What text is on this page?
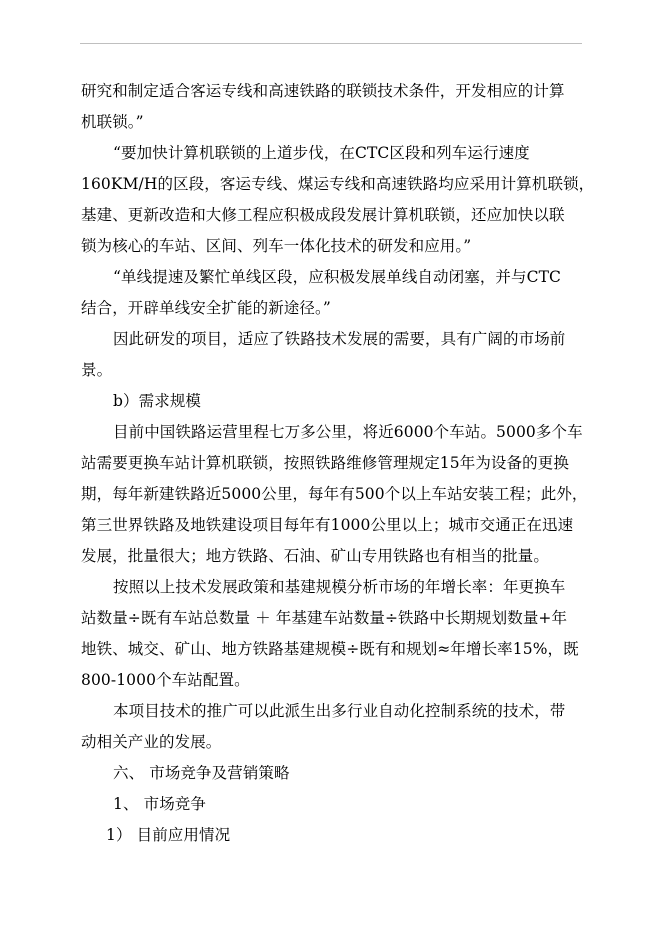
研究和制定适合客运专线和高速铁路的联锁技术条件，开发相应的计算
机联锁。”
“要加快计算机联锁的上道步伐，在CTC区段和列车运行速度
160KM/H的区段，客运专线、煤运专线和高速铁路均应采用计算机联锁，
基建、更新改造和大修工程应积极成段发展计算机联锁，还应加快以联
锁为核心的车站、区间、列车一体化技术的研发和应用。”
“单线提速及繁忙单线区段，应积极发展单线自动闭塞，并与CTC
结合，开辟单线安全扩能的新途径。”
因此研发的项目，适应了铁路技术发展的需要，具有广阔的市场前
景。
b）需求规模
目前中国铁路运营里程七万多公里，将近6000个车站。5000多个车
站需要更换车站计算机联锁，按照铁路维修管理规定15年为设备的更换
期，每年新建铁路近5000公里，每年有500个以上车站安装工程；此外，
第三世界铁路及地铁建设项目每年有1000公里以上；城市交通正在迅速
发展，批量很大；地方铁路、石油、矿山专用铁路也有相当的批量。
按照以上技术发展政策和基建规模分析市场的年增长率：年更换车
站数量÷既有车站总数量 ＋ 年基建车站数量÷铁路中长期规划数量+年
地铁、城交、矿山、地方铁路基建规模÷既有和规划≈年增长率15%，既
800-1000个车站配置。
本项目技术的推广可以此派生出多行业自动化控制系统的技术，带
动相关产业的发展。
六、 市场竞争及营销策略
1、 市场竞争
1） 目前应用情况
